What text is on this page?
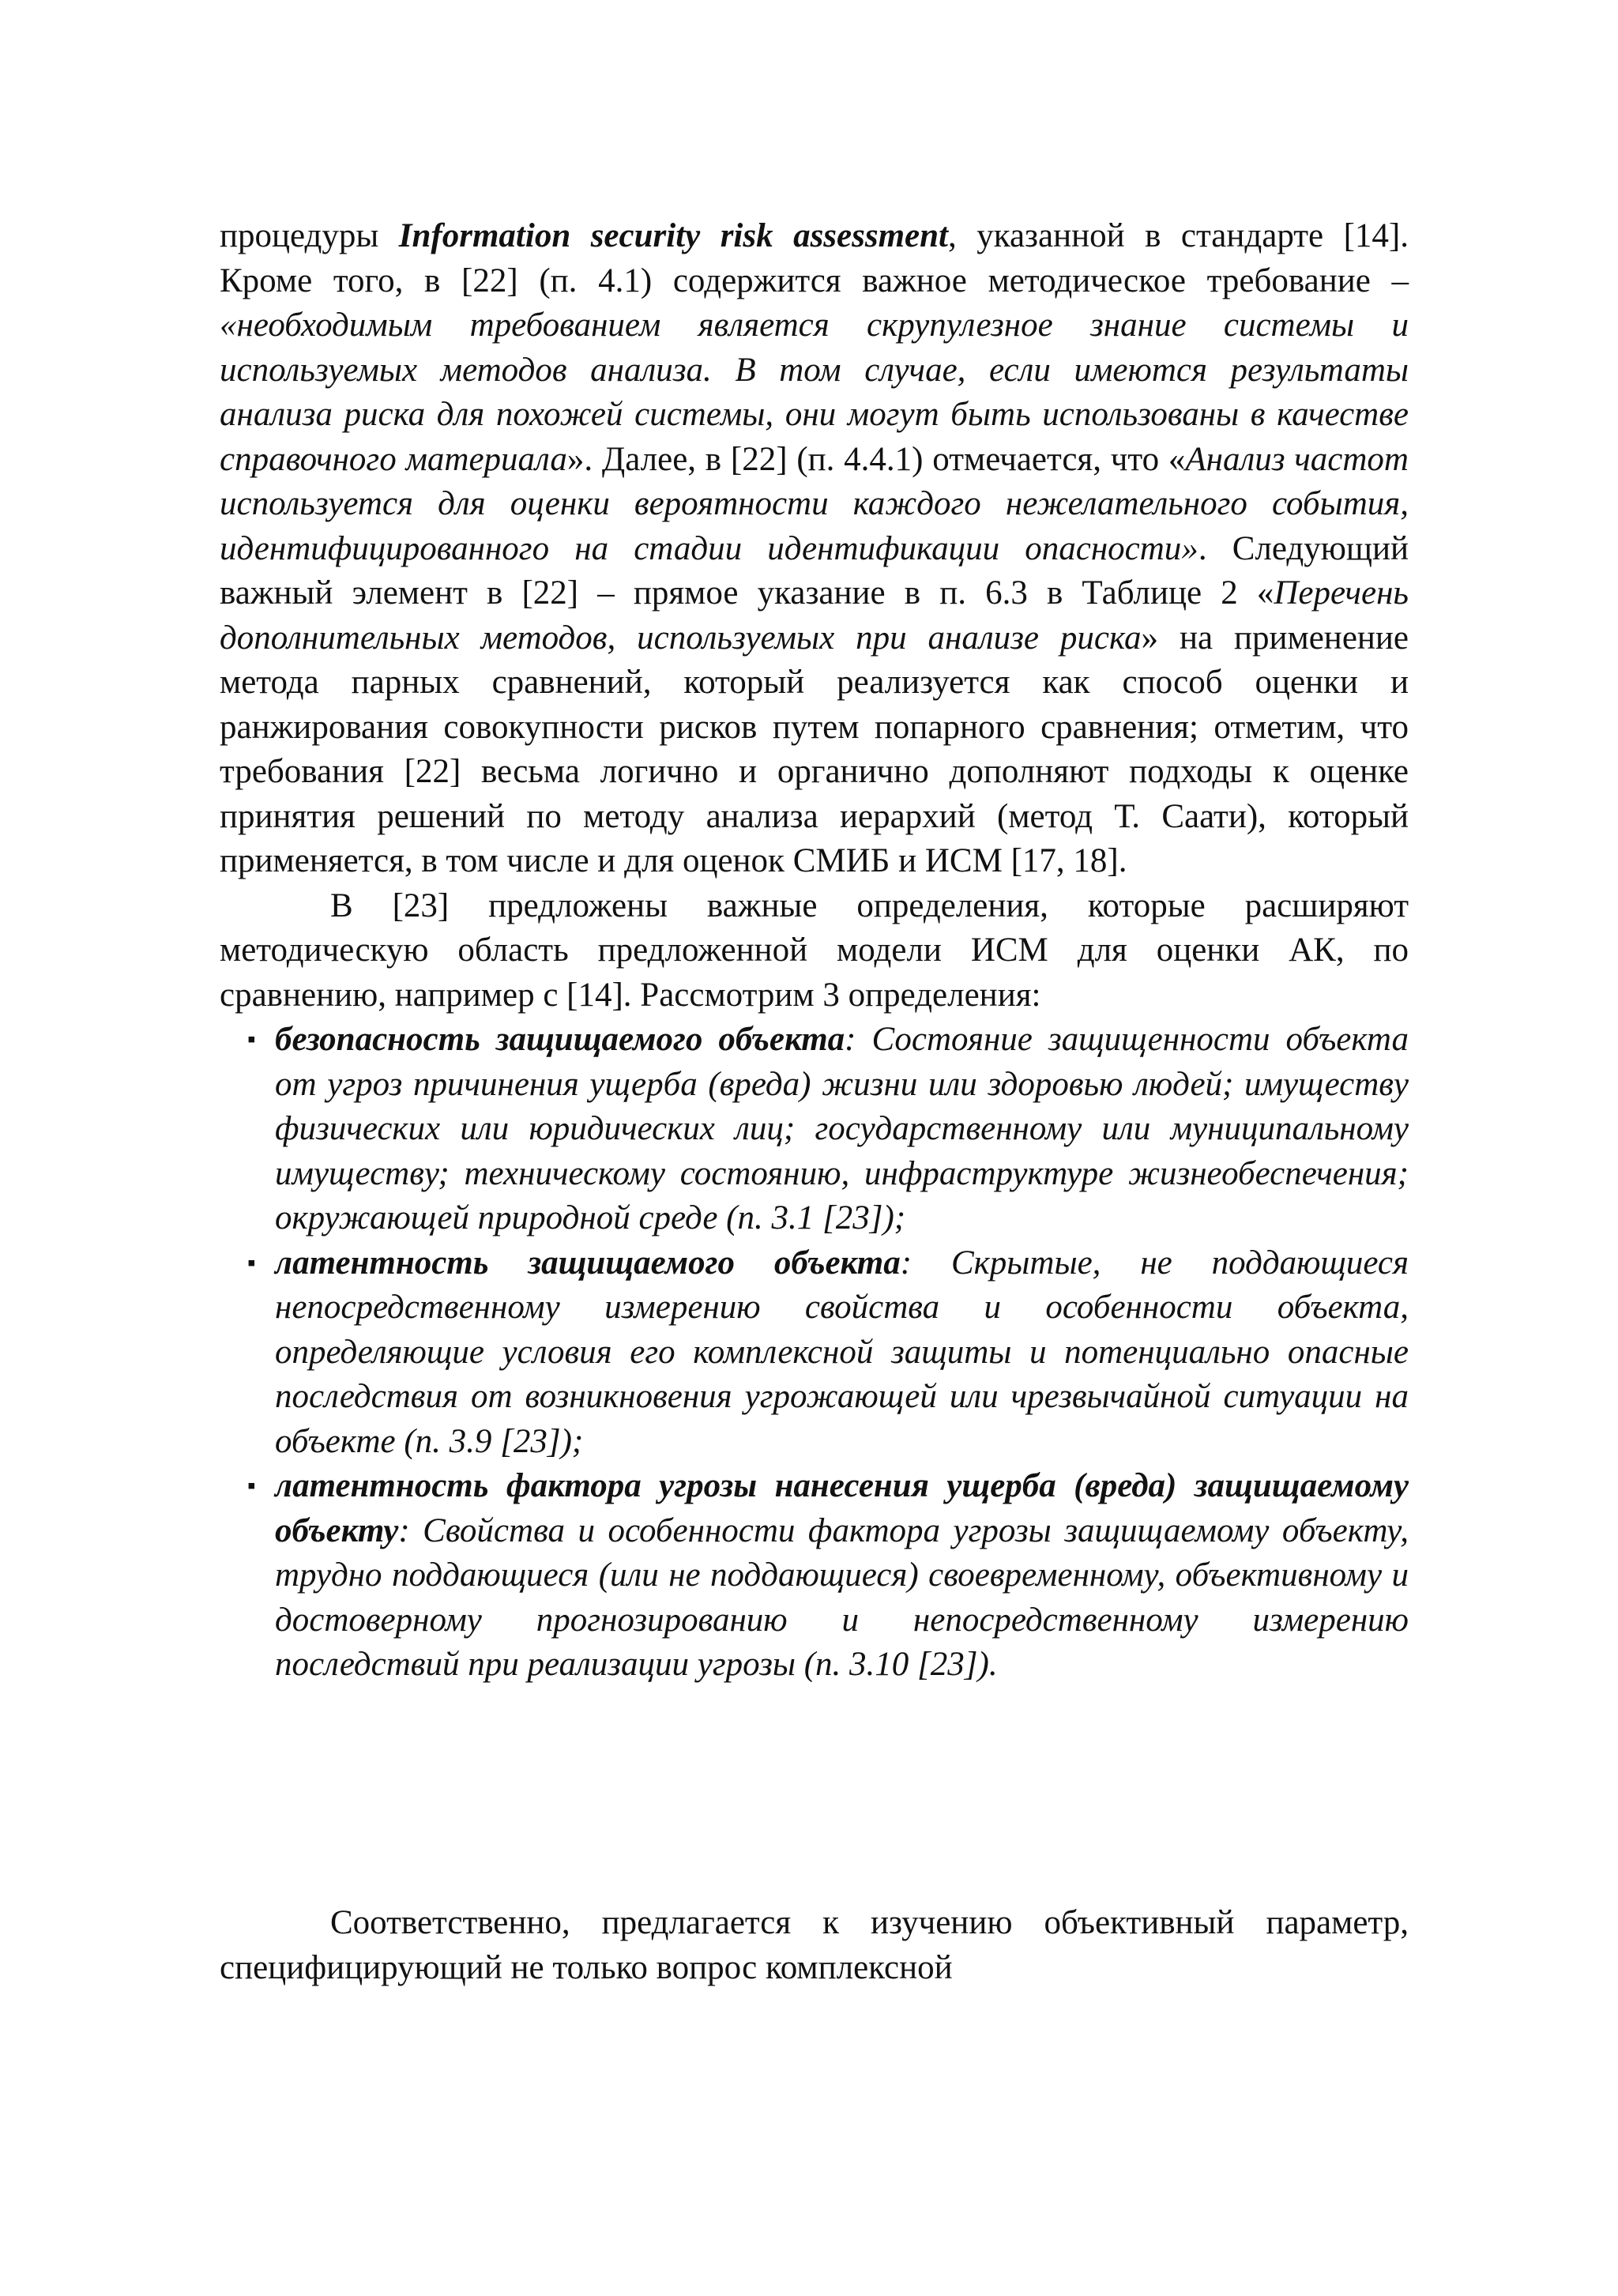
процедуры Information security risk assessment, указанной в стандарте [14]. Кроме того, в [22] (п. 4.1) содержится важное методическое требование – «необходимым требованием является скрупулезное знание системы и используемых методов анализа. В том случае, если имеются результаты анализа риска для похожей системы, они могут быть использованы в качестве справочного материала». Далее, в [22] (п. 4.4.1) отмечается, что «Анализ частот используется для оценки вероятности каждого нежелательного события, идентифицированного на стадии идентификации опасности». Следующий важный элемент в [22] – прямое указание в п. 6.3 в Таблице 2 «Перечень дополнительных методов, используемых при анализе риска» на применение метода парных сравнений, который реализуется как способ оценки и ранжирования совокупности рисков путем попарного сравнения; отметим, что требования [22] весьма логично и органично дополняют подходы к оценке принятия решений по методу анализа иерархий (метод Т. Саати), который применяется, в том числе и для оценок СМИБ и ИСМ [17, 18].

В [23] предложены важные определения, которые расширяют методическую область предложенной модели ИСМ для оценки АК, по сравнению, например с [14]. Рассмотрим 3 определения:

▪ безопасность защищаемого объекта: Состояние защищенности объекта от угроз причинения ущерба (вреда) жизни или здоровью людей; имуществу физических или юридических лиц; государственному или муниципальному имуществу; техническому состоянию, инфраструктуре жизнеобеспечения; окружающей природной среде (п. 3.1 [23]);
▪ латентность защищаемого объекта: Скрытые, не поддающиеся непосредственному измерению свойства и особенности объекта, определяющие условия его комплексной защиты и потенциально опасные последствия от возникновения угрожающей или чрезвычайной ситуации на объекте (п. 3.9 [23]);
▪ латентность фактора угрозы нанесения ущерба (вреда) защищаемому объекту: Свойства и особенности фактора угрозы защищаемому объекту, трудно поддающиеся (или не поддающиеся) своевременному, объективному и достоверному прогнозированию и непосредственному измерению последствий при реализации угрозы (п. 3.10 [23]).

Соответственно, предлагается к изучению объективный параметр, специфицирующий не только вопрос комплексной
